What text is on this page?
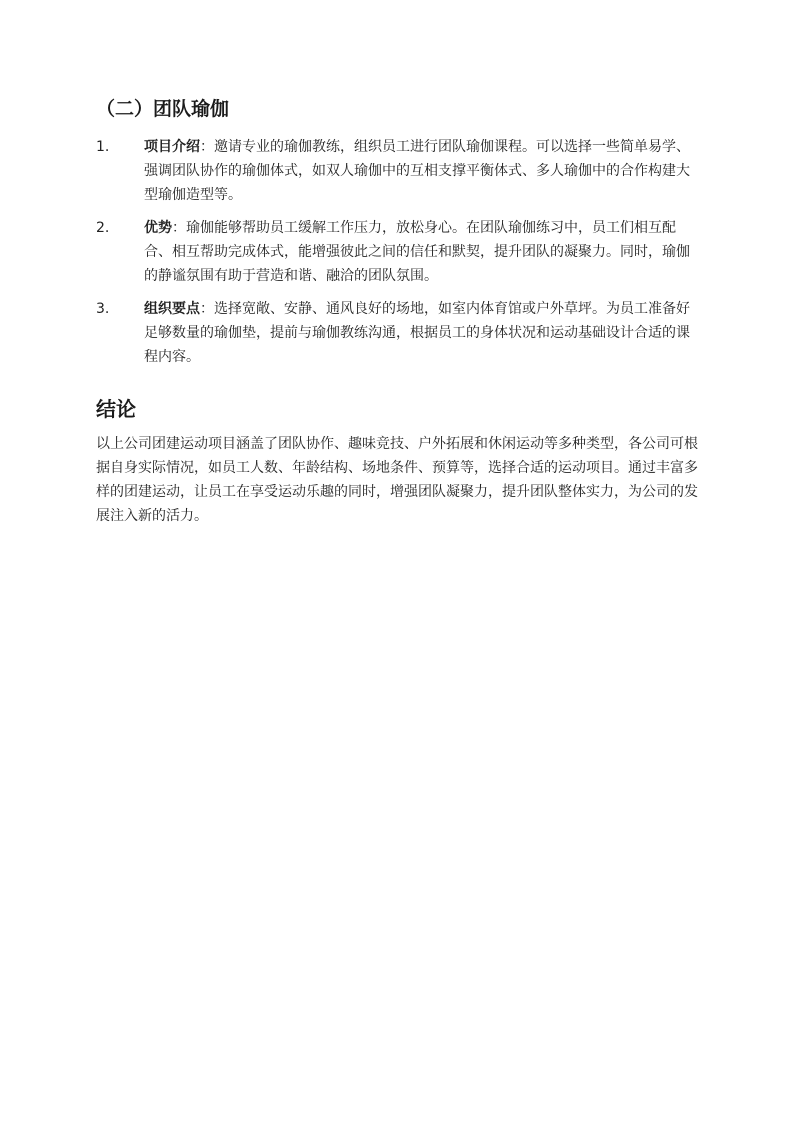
（二）团队瑜伽
1. 项目介绍：邀请专业的瑜伽教练，组织员工进行团队瑜伽课程。可以选择一些简单易学、强调团队协作的瑜伽体式，如双人瑜伽中的互相支撑平衡体式、多人瑜伽中的合作构建大型瑜伽造型等。
2. 优势：瑜伽能够帮助员工缓解工作压力，放松身心。在团队瑜伽练习中，员工们相互配合、相互帮助完成体式，能增强彼此之间的信任和默契，提升团队的凝聚力。同时，瑜伽的静谧氛围有助于营造和谐、融洽的团队氛围。
3. 组织要点：选择宽敞、安静、通风良好的场地，如室内体育馆或户外草坪。为员工准备好足够数量的瑜伽垫，提前与瑜伽教练沟通，根据员工的身体状况和运动基础设计合适的课程内容。
结论

以上公司团建运动项目涵盖了团队协作、趣味竞技、户外拓展和休闲运动等多种类型，各公司可根据自身实际情况，如员工人数、年龄结构、场地条件、预算等，选择合适的运动项目。通过丰富多样的团建运动，让员工在享受运动乐趣的同时，增强团队凝聚力，提升团队整体实力，为公司的发展注入新的活力。
